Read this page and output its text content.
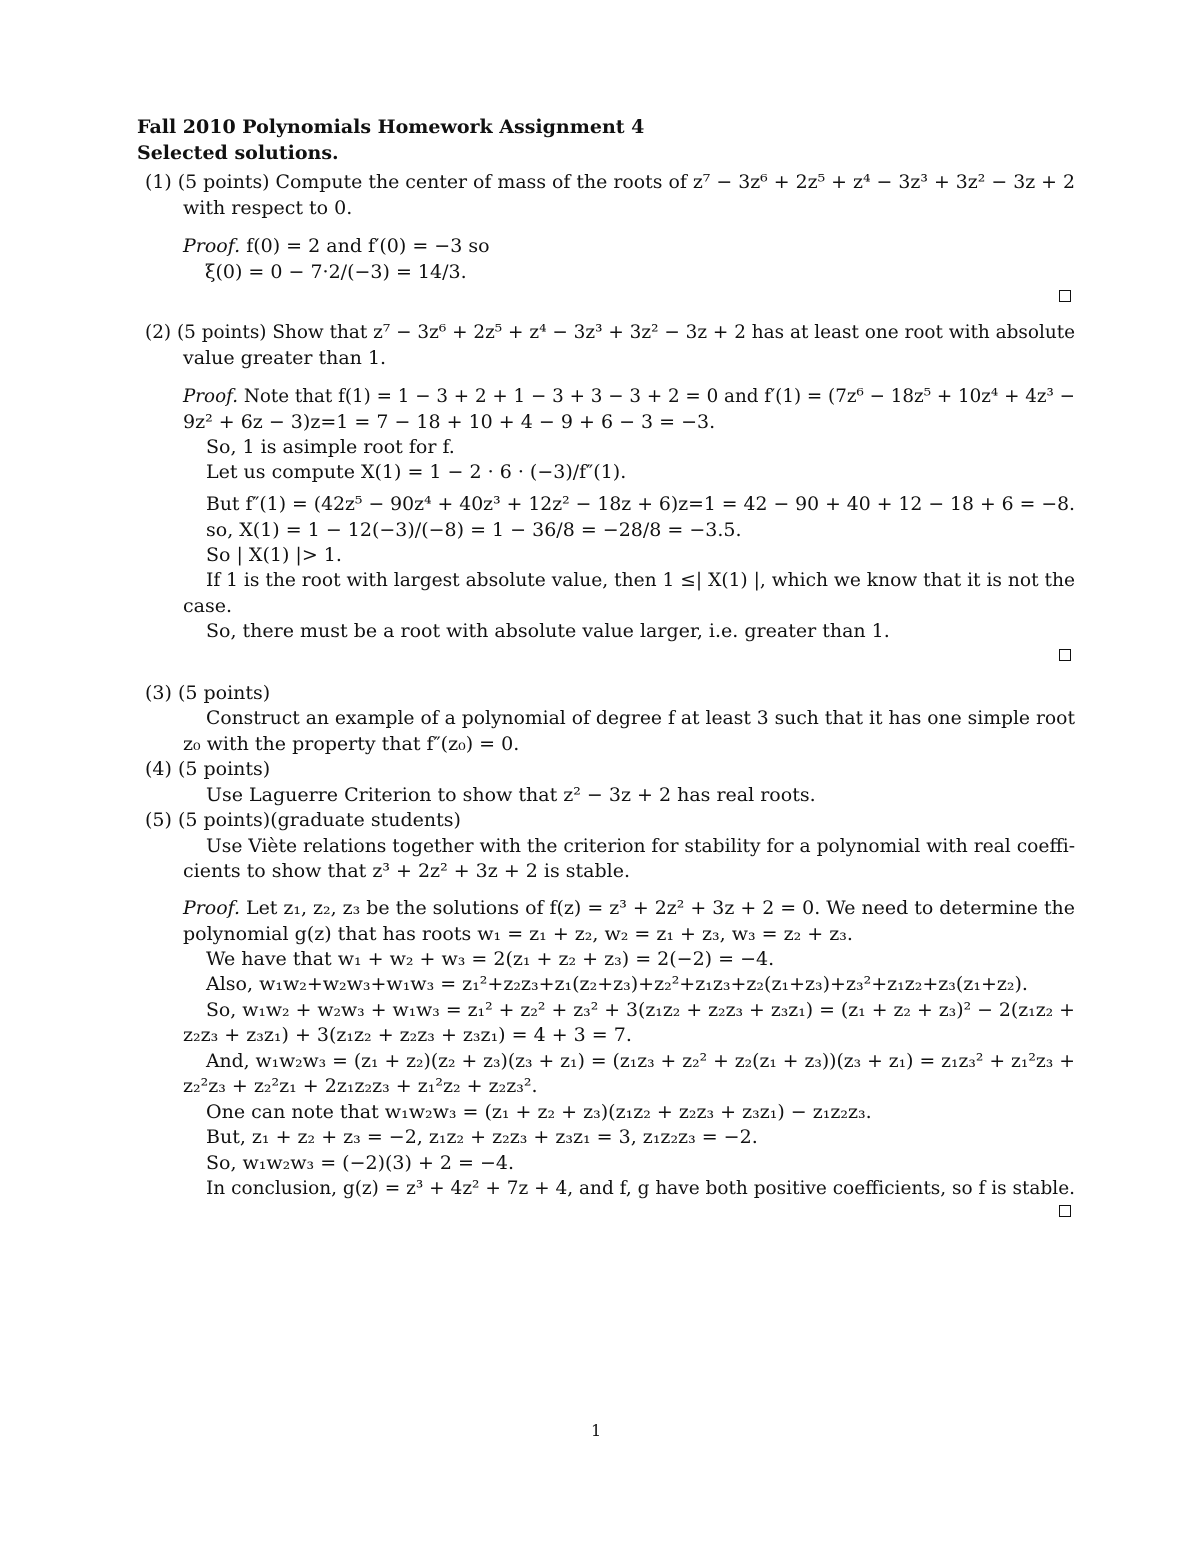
Fall 2010 Polynomials Homework Assignment 4
Selected solutions.
(1) (5 points) Compute the center of mass of the roots of z⁷ − 3z⁶ + 2z⁵ + z⁴ − 3z³ + 3z² − 3z + 2
with respect to 0.
Proof. f(0) = 2 and f′(0) = −3 so
ξ(0) = 0 − 7·2/(−3) = 14/3.
(2) (5 points) Show that z⁷ − 3z⁶ + 2z⁵ + z⁴ − 3z³ + 3z² − 3z + 2 has at least one root with absolute
value greater than 1.
Proof. Note that f(1) = 1 − 3 + 2 + 1 − 3 + 3 − 3 + 2 = 0 and f′(1) = (7z⁶ − 18z⁵ + 10z⁴ + 4z³ −
9z² + 6z − 3)z=1 = 7 − 18 + 10 + 4 − 9 + 6 − 3 = −3.
So, 1 is asimple root for f.
Let us compute X(1) = 1 − 2 · 6 · (−3)/f″(1).
But f″(1) = (42z⁵ − 90z⁴ + 40z³ + 12z² − 18z + 6)z=1 = 42 − 90 + 40 + 12 − 18 + 6 = −8.
so, X(1) = 1 − 12(−3)/(−8) = 1 − 36/8 = −28/8 = −3.5.
So | X(1) |> 1.
If 1 is the root with largest absolute value, then 1 ≤| X(1) |, which we know that it is not the
case.
So, there must be a root with absolute value larger, i.e. greater than 1.
(3) (5 points)
Construct an example of a polynomial of degree f at least 3 such that it has one simple root
z₀ with the property that f″(z₀) = 0.
(4) (5 points)
Use Laguerre Criterion to show that z² − 3z + 2 has real roots.
(5) (5 points)(graduate students)
Use Viète relations together with the criterion for stability for a polynomial with real coeffi-
cients to show that z³ + 2z² + 3z + 2 is stable.
Proof. Let z₁, z₂, z₃ be the solutions of f(z) = z³ + 2z² + 3z + 2 = 0. We need to determine the
polynomial g(z) that has roots w₁ = z₁ + z₂, w₂ = z₁ + z₃, w₃ = z₂ + z₃.
We have that w₁ + w₂ + w₃ = 2(z₁ + z₂ + z₃) = 2(−2) = −4.
Also, w₁w₂+w₂w₃+w₁w₃ = z₁²+z₂z₃+z₁(z₂+z₃)+z₂²+z₁z₃+z₂(z₁+z₃)+z₃²+z₁z₂+z₃(z₁+z₂).
So, w₁w₂ + w₂w₃ + w₁w₃ = z₁² + z₂² + z₃² + 3(z₁z₂ + z₂z₃ + z₃z₁) = (z₁ + z₂ + z₃)² − 2(z₁z₂ +
z₂z₃ + z₃z₁) + 3(z₁z₂ + z₂z₃ + z₃z₁) = 4 + 3 = 7.
And, w₁w₂w₃ = (z₁ + z₂)(z₂ + z₃)(z₃ + z₁) = (z₁z₃ + z₂² + z₂(z₁ + z₃))(z₃ + z₁) = z₁z₃² + z₁²z₃ +
z₂²z₃ + z₂²z₁ + 2z₁z₂z₃ + z₁²z₂ + z₂z₃².
One can note that w₁w₂w₃ = (z₁ + z₂ + z₃)(z₁z₂ + z₂z₃ + z₃z₁) − z₁z₂z₃.
But, z₁ + z₂ + z₃ = −2, z₁z₂ + z₂z₃ + z₃z₁ = 3, z₁z₂z₃ = −2.
So, w₁w₂w₃ = (−2)(3) + 2 = −4.
In conclusion, g(z) = z³ + 4z² + 7z + 4, and f, g have both positive coefficients, so f is stable.
1
